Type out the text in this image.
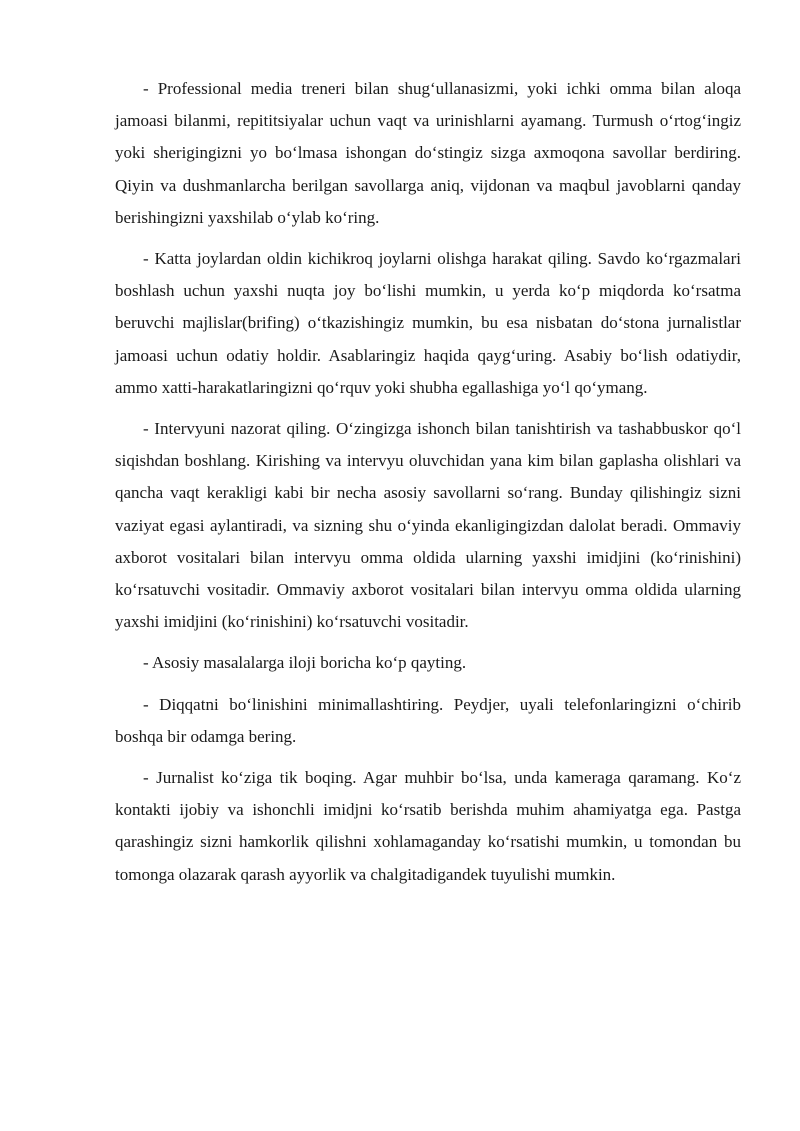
- Professional media treneri bilan shug‘ullanasizmi, yoki ichki omma bilan aloqa jamoasi bilanmi, repititsiyalar uchun vaqt va urinishlarni ayamang. Turmush o‘rtog‘ingiz yoki sherigingizni yo bo‘lmasa ishongan do‘stingiz sizga axmoqona savollar berdiring. Qiyin va dushmanlarcha berilgan savollarga aniq, vijdonan va maqbul javoblarni qanday berishingizni yaxshilab o‘ylab ko‘ring.

- Katta joylardan oldin kichikroq joylarni olishga harakat qiling. Savdo ko‘rgazmalari boshlash uchun yaxshi nuqta joy bo‘lishi mumkin, u yerda ko‘p miqdorda ko‘rsatma beruvchi majlislar(brifing) o‘tkazishingiz mumkin, bu esa nisbatan do‘stona jurnalistlar jamoasi uchun odatiy holdir. Asablaringiz haqida qayg‘uring. Asabiy bo‘lish odatiydir, ammo xatti-harakatlaringizni qo‘rquv yoki shubha egallashiga yo‘l qo‘ymang.

- Intervyuni nazorat qiling. O‘zingizga ishonch bilan tanishtirish va tashabbuskor qo‘l siqishdan boshlang. Kirishing va intervyu oluvchidan yana kim bilan gaplasha olishlari va qancha vaqt kerakligi kabi bir necha asosiy savollarni so‘rang. Bunday qilishingiz sizni vaziyat egasi aylantiradi, va sizning shu o‘yinda ekanligingizdan dalolat beradi. Ommaviy axborot vositalari bilan intervyu omma oldida ularning yaxshi imidjini (ko‘rinishini) ko‘rsatuvchi vositadir. Ommaviy axborot vositalari bilan intervyu omma oldida ularning yaxshi imidjini (ko‘rinishini) ko‘rsatuvchi vositadir.

- Asosiy masalalarga iloji boricha ko‘p qayting.

- Diqqatni bo‘linishini minimallashtiring. Peydjer, uyali telefonlaringizni o‘chirib boshqa bir odamga bering.

- Jurnalist ko‘ziga tik boqing. Agar muhbir bo‘lsa, unda kameraga qaramang. Ko‘z kontakti ijobiy va ishonchli imidjni ko‘rsatib berishda muhim ahamiyatga ega. Pastga qarashingiz sizni hamkorlik qilishni xohlamaganday ko‘rsatishi mumkin, u tomondan bu tomonga olazarak qarash ayyorlik va chalgitadigandek tuyulishi mumkin.
